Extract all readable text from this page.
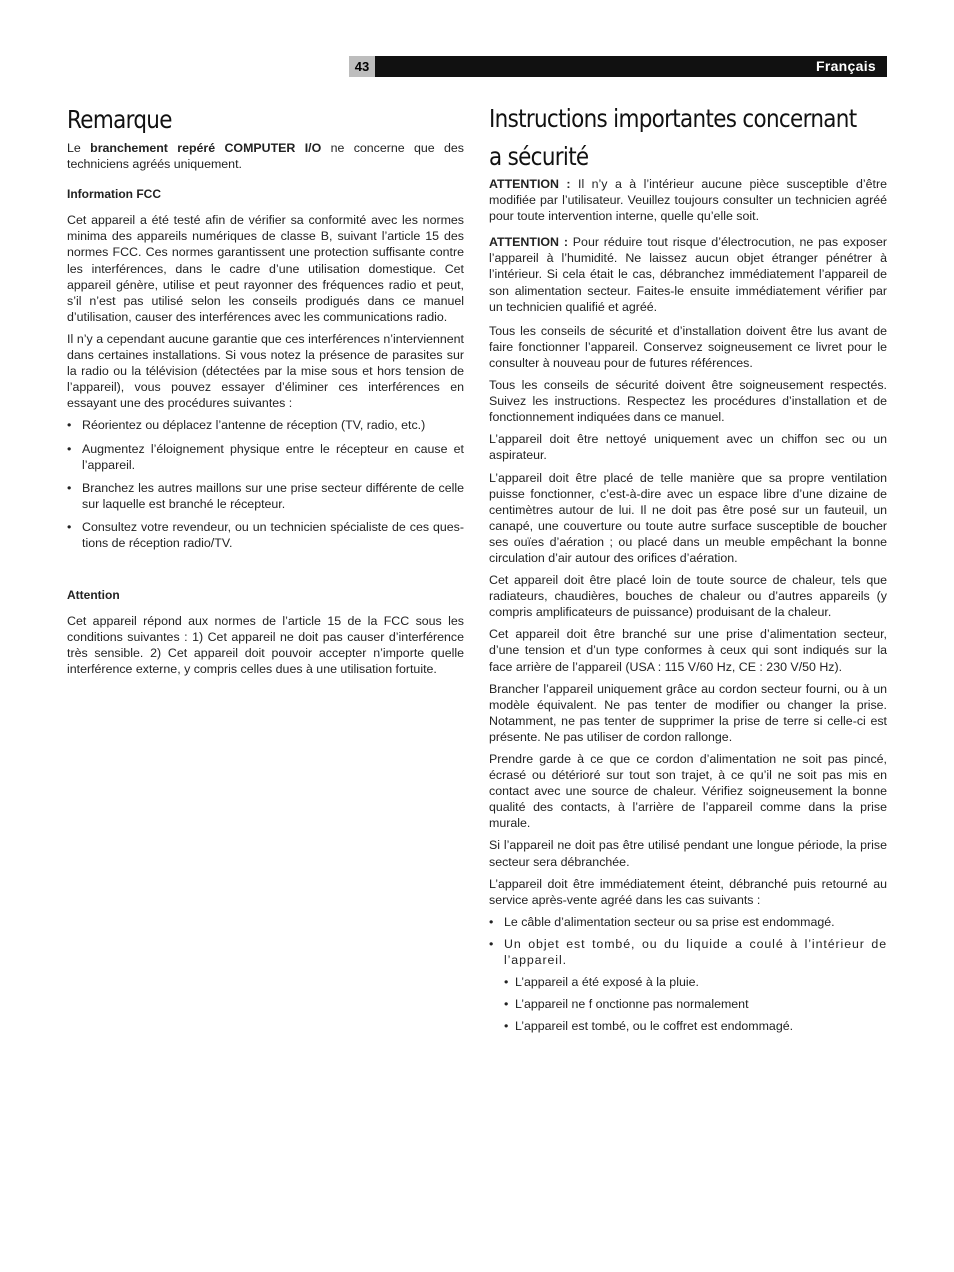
43	Français
Remarque

Le branchement repéré COMPUTER I/O ne concerne que des techniciens agréés uniquement.

Information FCC

Cet appareil a été testé afin de vérifier sa conformité avec les normes minima des appareils numériques de classe B, suivant l’article 15 des normes FCC. Ces normes garantissent une protection suffisante contre les interférences, dans le cadre d’une utilisation domestique. Cet appareil génère, utilise et peut rayonner des fréquences radio et peut, s’il n’est pas utilisé selon les conseils prodigués dans ce manuel d’utilisation, causer des interférences avec les communications radio.

Il n’y a cependant aucune garantie que ces interférences n’interviennent dans certaines installations. Si vous notez la présence de parasites sur la radio ou la télévision (détectées par la mise sous et hors tension de l’appareil), vous pouvez essayer d’éliminer ces interférences en essayant une des procédures suivantes :

• Réorientez ou déplacez l’antenne de réception (TV, radio, etc.)
• Augmentez l’éloignement physique entre le récepteur en cause et l’appareil.
• Branchez les autres maillons sur une prise secteur différente de celle sur laquelle est branché le récepteur.
• Consultez votre revendeur, ou un technicien spécialiste de ces ques-tions de réception radio/TV.
Attention

Cet appareil répond aux normes de l’article 15 de la FCC sous les conditions suivantes : 1) Cet appareil ne doit pas causer d’interférence très sensible. 2) Cet appareil doit pouvoir accepter n’importe quelle interférence externe, y compris celles dues à une utilisation fortuite.

Instructions importantes concernant
a sécurité

ATTENTION : Il n’y a à l’intérieur aucune pièce susceptible d’être modifiée par l’utilisateur. Veuillez toujours consulter un technicien agréé pour toute intervention interne, quelle qu’elle soit.

ATTENTION : Pour réduire tout risque d’électrocution, ne pas exposer l’appareil à l’humidité. Ne laissez aucun objet étranger pénétrer à l’intérieur. Si cela était le cas, débranchez immédiatement l’appareil de son alimentation secteur. Faites-le ensuite immédiatement vérifier par un technicien qualifié et agréé.

Tous les conseils de sécurité et d’installation doivent être lus avant de faire fonctionner l’appareil. Conservez soigneusement ce livret pour le consulter à nouveau pour de futures références.

Tous les conseils de sécurité doivent être soigneusement respectés. Suivez les instructions. Respectez les procédures d’installation et de fonctionnement indiquées dans ce manuel.

L’appareil doit être nettoyé uniquement avec un chiffon sec ou un aspirateur.

L’appareil doit être placé de telle manière que sa propre ventilation puisse fonctionner, c’est-à-dire avec un espace libre d’une dizaine de centimètres autour de lui. Il ne doit pas être posé sur un fauteuil, un canapé, une couverture ou toute autre surface susceptible de boucher ses ouïes d’aération ; ou placé dans un meuble empêchant la bonne circulation d’air autour des orifices d’aération.

Cet appareil doit être placé loin de toute source de chaleur, tels que radiateurs, chaudières, bouches de chaleur ou d’autres appareils (y compris amplificateurs de puissance) produisant de la chaleur.

Cet appareil doit être branché sur une prise d’alimentation secteur, d’une tension et d’un type conformes à ceux qui sont indiqués sur la face arrière de l’appareil (USA : 115 V/60 Hz, CE : 230 V/50 Hz).

Brancher l’appareil uniquement grâce au cordon secteur fourni, ou à un modèle équivalent. Ne pas tenter de modifier ou changer la prise. Notamment, ne pas tenter de supprimer la prise de terre si celle-ci est présente. Ne pas utiliser de cordon rallonge.

Prendre garde à ce que ce cordon d’alimentation ne soit pas pincé, écrasé ou détérioré sur tout son trajet, à ce qu’il ne soit pas mis en contact avec une source de chaleur. Vérifiez soigneusement la bonne qualité des contacts, à l’arrière de l’appareil comme dans la prise murale.

Si l’appareil ne doit pas être utilisé pendant une longue période, la prise secteur sera débranchée.

L’appareil doit être immédiatement éteint, débranché puis retourné au service après-vente agréé dans les cas suivants :

• Le câble d’alimentation secteur ou sa prise est endommagé.
• Un objet est tombé, ou du liquide a coulé à l’intérieur de l’appareil.
• L’appareil a été exposé à la pluie.
• L’appareil ne f onctionne pas normalement
• L’appareil est tombé, ou le coffret est endommagé.
